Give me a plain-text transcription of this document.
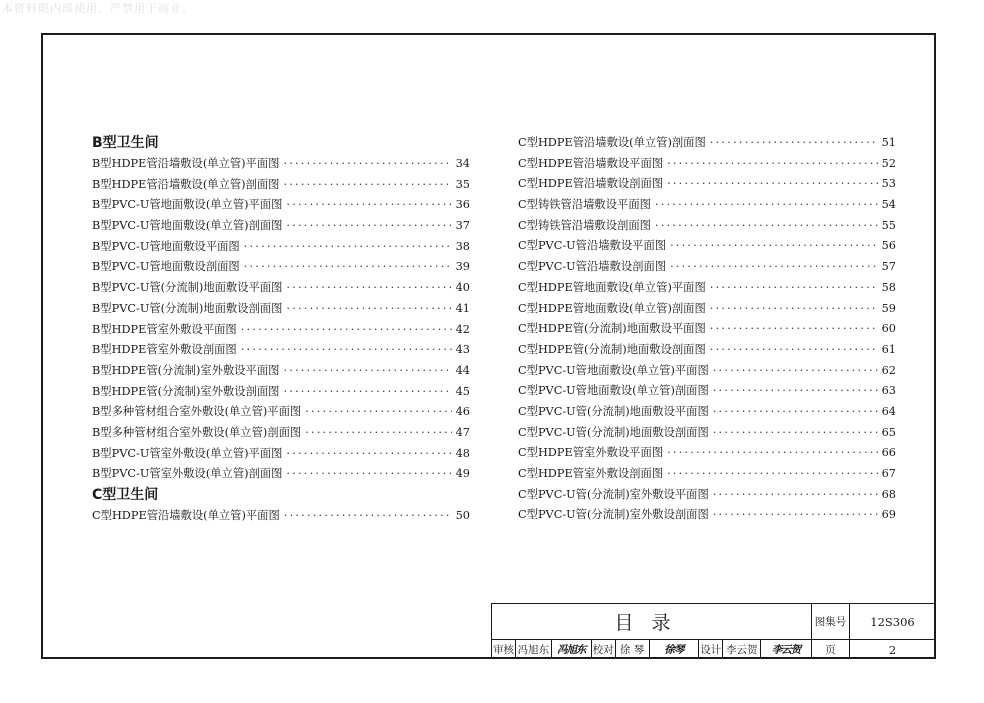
本资料限内部使用，严禁用于商业。
B型卫生间
B型HDPE管沿墙敷设(单立管)平面图 ·····	34
B型HDPE管沿墙敷设(单立管)剖面图 ·····	35
B型PVC-U管地面敷设(单立管)平面图 ·····	36
B型PVC-U管地面敷设(单立管)剖面图 ·····	37
B型PVC-U管地面敷设平面图 ·····	38
B型PVC-U管地面敷设剖面图 ·····	39
B型PVC-U管(分流制)地面敷设平面图 ·····	40
B型PVC-U管(分流制)地面敷设剖面图 ·····	41
B型HDPE管室外敷设平面图 ·····	42
B型HDPE管室外敷设剖面图 ·····	43
B型HDPE管(分流制)室外敷设平面图 ·····	44
B型HDPE管(分流制)室外敷设剖面图 ·····	45
B型多种管材组合室外敷设(单立管)平面图 ·····	46
B型多种管材组合室外敷设(单立管)剖面图 ·····	47
B型PVC-U管室外敷设(单立管)平面图 ·····	48
B型PVC-U管室外敷设(单立管)剖面图 ·····	49
C型卫生间
C型HDPE管沿墙敷设(单立管)平面图 ·····	50
C型HDPE管沿墙敷设(单立管)剖面图 ·····	51
C型HDPE管沿墙敷设平面图 ·····	52
C型HDPE管沿墙敷设剖面图 ·····	53
C型铸铁管沿墙敷设平面图 ·····	54
C型铸铁管沿墙敷设剖面图 ·····	55
C型PVC-U管沿墙敷设平面图 ·····	56
C型PVC-U管沿墙敷设剖面图 ·····	57
C型HDPE管地面敷设(单立管)平面图 ·····	58
C型HDPE管地面敷设(单立管)剖面图 ·····	59
C型HDPE管(分流制)地面敷设平面图 ·····	60
C型HDPE管(分流制)地面敷设剖面图 ·····	61
C型PVC-U管地面敷设(单立管)平面图 ·····	62
C型PVC-U管地面敷设(单立管)剖面图 ·····	63
C型PVC-U管(分流制)地面敷设平面图 ·····	64
C型PVC-U管(分流制)地面敷设剖面图 ·····	65
C型HDPE管室外敷设平面图 ·····	66
C型HDPE管室外敷设剖面图 ·····	67
C型PVC-U管(分流制)室外敷设平面图 ·····	68
C型PVC-U管(分流制)室外敷设剖面图 ·····	69
目录
审核 冯旭东 冯旭东 校对 徐 琴	徐琴	设计 李云贺	李云贺
图集号	12S306
页	2
